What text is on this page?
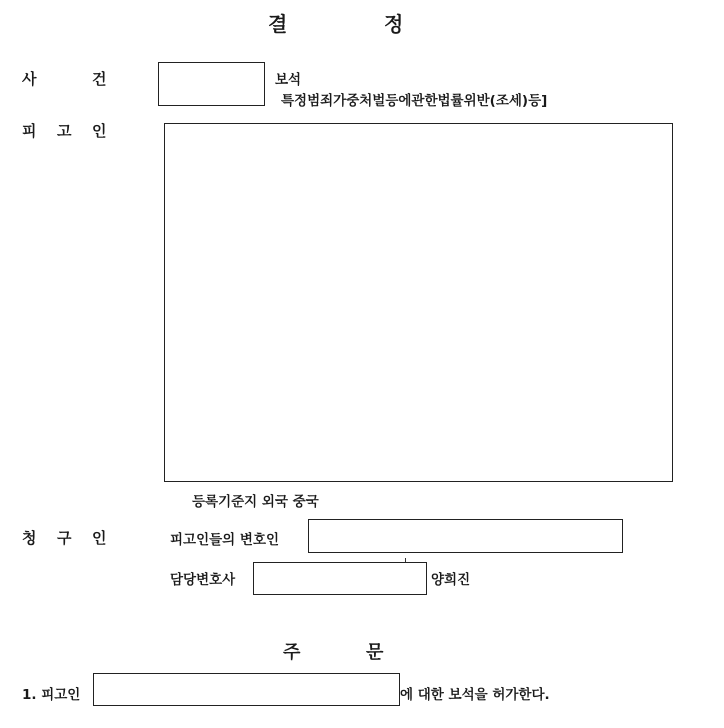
결	정
사	건	보석
특정범죄가중처벌등에관한법률위반(조세)등]
피 고 인
등록기준지 외국 중국
청 구 인	피고인들의 변호인
담당변호사	양희진
주	문
1. 피고인	에 대한 보석을 허가한다.
